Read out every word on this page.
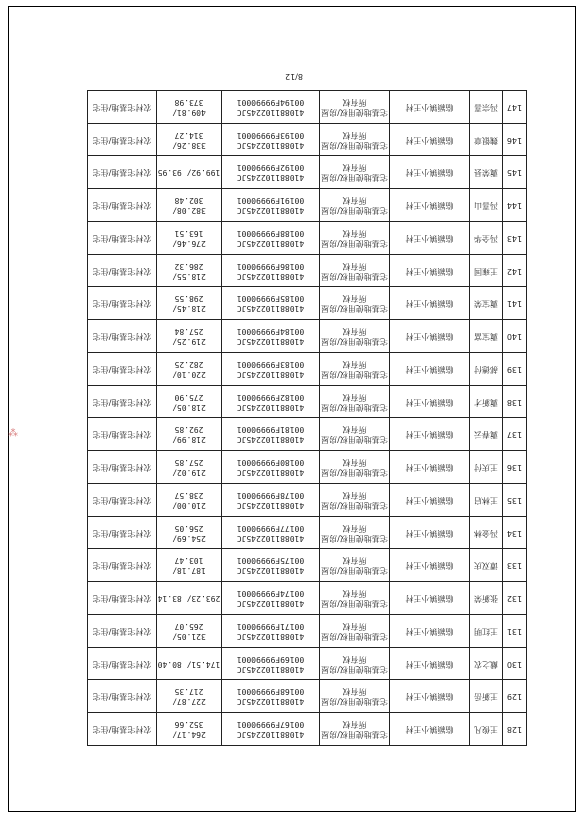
⁂
128	王俊凡	临颍镇小王村	宅基地使用权/房屋所有权	410881102245JC 00167F99990001	264.17/ 352.66	农村宅基地/住宅
129	王新岳	临颍镇小王村	宅基地使用权/房屋所有权	410881102245JC 00168F99990001	227.87/ 217.35	农村宅基地/住宅
130	戴之农	临颍镇小王村	宅基地使用权/房屋所有权	410881102245JC 00169F99990001	174.51/ 80.40	农村宅基地/住宅
131	王红明	临颍镇小王村	宅基地使用权/房屋所有权	410881102245JC 00171F99990001	321.05/ 265.07	农村宅基地/住宅
132	张新荣	临颍镇小王村	宅基地使用权/房屋所有权	410881102245JC 00174F99990001	293.23/ 83.14	农村宅基地/住宅
133	谭双庆	临颍镇小王村	宅基地使用权/房屋所有权	410881102245JC 00175F99990001	187.18/ 103.47	农村宅基地/住宅
134	冯金林	临颍镇小王村	宅基地使用权/房屋所有权	410881102245JC 00177F99990001	254.69/ 256.05	农村宅基地/住宅
135	王林启	临颍镇小王村	宅基地使用权/房屋所有权	410881102245JC 00178F99990001	210.00/ 238.57	农村宅基地/住宅
136	王庆付	临颍镇小王村	宅基地使用权/房屋所有权	410881102245JC 00180F99990001	219.02/ 257.85	农村宅基地/住宅
137	冀春云	临颍镇小王村	宅基地使用权/房屋所有权	410881102245JC 00181F99990001	218.99/ 292.85	农村宅基地/住宅
138	冀新才	临颍镇小王村	宅基地使用权/房屋所有权	410881102245JC 00182F99990001	218.05/ 275.90	农村宅基地/住宅
139	郝德付	临颍镇小王村	宅基地使用权/房屋所有权	410881102245JC 00183F99990001	220.10/ 282.25	农村宅基地/住宅
140	冀宝富	临颍镇小王村	宅基地使用权/房屋所有权	410881102245JC 00184F99990001	219.25/ 257.84	农村宅基地/住宅
141	冀宝荣	临颍镇小王村	宅基地使用权/房屋所有权	410881102245JC 00185F99990001	218.45/ 298.55	农村宅基地/住宅
142	王雍国	临颍镇小王村	宅基地使用权/房屋所有权	410881102245JC 00186F99990001	218.55/ 286.32	农村宅基地/住宅
143	冯全华	临颍镇小王村	宅基地使用权/房屋所有权	410881102245JC 00188F99990001	276.46/ 163.51	农村宅基地/住宅
144	冯喜山	临颍镇小王村	宅基地使用权/房屋所有权	410881102245JC 00191F99990001	382.08/ 302.48	农村宅基地/住宅
145	冀荣县	临颍镇小王村	宅基地使用权/房屋所有权	410881102245JC 00192F99990001	199.92/ 93.95	农村宅基地/住宅
146	魏银章	临颍镇小王村	宅基地使用权/房屋所有权	410881102245JC 00193F99990001	338.26/ 314.27	农村宅基地/住宅
147	冯宗喜	临颍镇小王村	宅基地使用权/房屋所有权	410881102245JC 00194F99990001	409.81/ 373.98	农村宅基地/住宅
8/12
